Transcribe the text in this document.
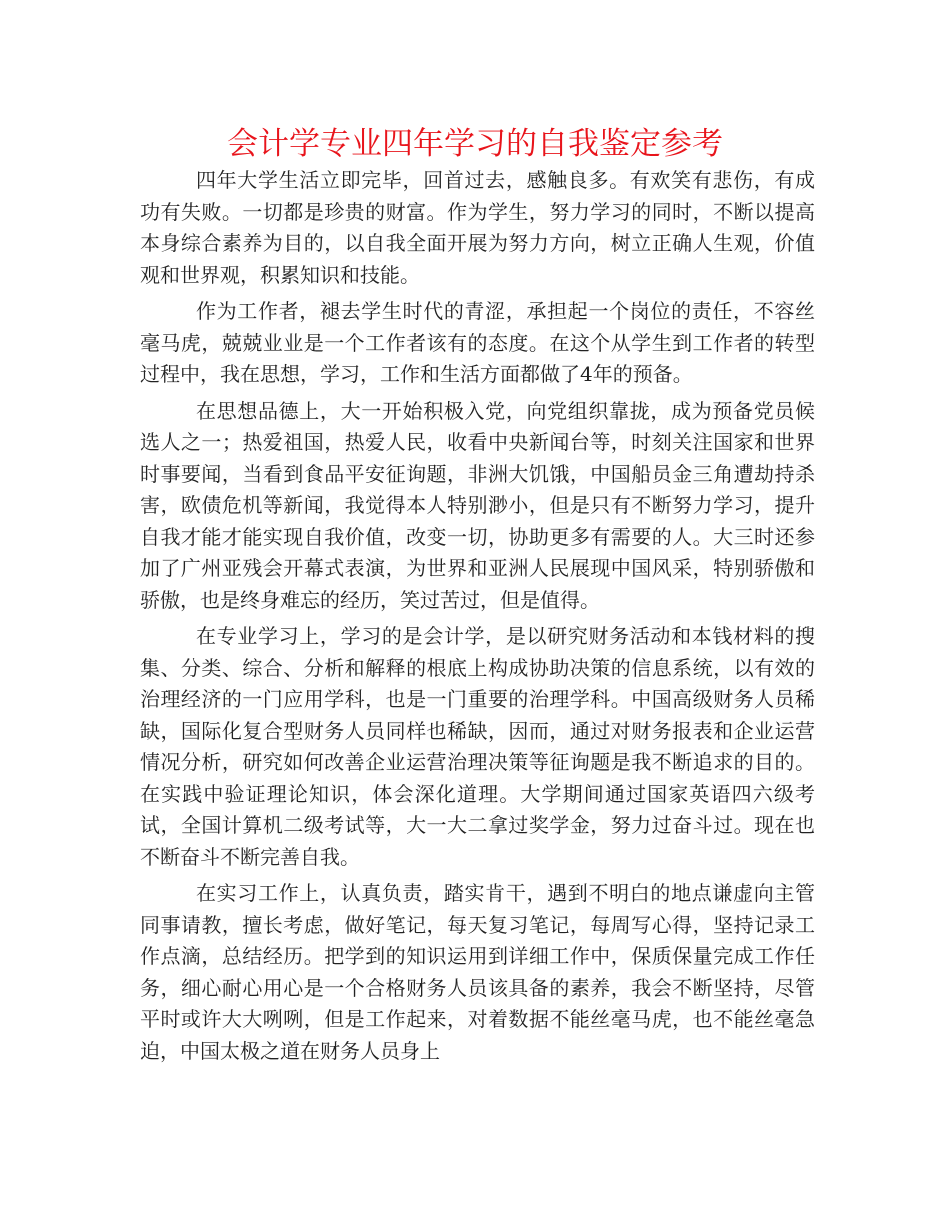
会计学专业四年学习的自我鉴定参考

四年大学生活立即完毕，回首过去，感触良多。有欢笑有悲伤，有成功有失败。一切都是珍贵的财富。作为学生，努力学习的同时，不断以提高本身综合素养为目的，以自我全面开展为努力方向，树立正确人生观，价值观和世界观，积累知识和技能。

作为工作者，褪去学生时代的青涩，承担起一个岗位的责任，不容丝毫马虎，兢兢业业是一个工作者该有的态度。在这个从学生到工作者的转型过程中，我在思想，学习，工作和生活方面都做了4年的预备。

在思想品德上，大一开始积极入党，向党组织靠拢，成为预备党员候选人之一；热爱祖国，热爱人民，收看中央新闻台等，时刻关注国家和世界时事要闻，当看到食品平安征询题，非洲大饥饿，中国船员金三角遭劫持杀害，欧债危机等新闻，我觉得本人特别渺小，但是只有不断努力学习，提升自我才能才能实现自我价值，改变一切，协助更多有需要的人。大三时还参加了广州亚残会开幕式表演，为世界和亚洲人民展现中国风采，特别骄傲和骄傲，也是终身难忘的经历，笑过苦过，但是值得。

在专业学习上，学习的是会计学，是以研究财务活动和本钱材料的搜集、分类、综合、分析和解释的根底上构成协助决策的信息系统，以有效的治理经济的一门应用学科，也是一门重要的治理学科。中国高级财务人员稀缺，国际化复合型财务人员同样也稀缺，因而，通过对财务报表和企业运营情况分析，研究如何改善企业运营治理决策等征询题是我不断追求的目的。在实践中验证理论知识，体会深化道理。大学期间通过国家英语四六级考试，全国计算机二级考试等，大一大二拿过奖学金，努力过奋斗过。现在也不断奋斗不断完善自我。

在实习工作上，认真负责，踏实肯干，遇到不明白的地点谦虚向主管同事请教，擅长考虑，做好笔记，每天复习笔记，每周写心得，坚持记录工作点滴，总结经历。把学到的知识运用到详细工作中，保质保量完成工作任务，细心耐心用心是一个合格财务人员该具备的素养，我会不断坚持，尽管平时或许大大咧咧，但是工作起来，对着数据不能丝毫马虎，也不能丝毫急迫，中国太极之道在财务人员身上
